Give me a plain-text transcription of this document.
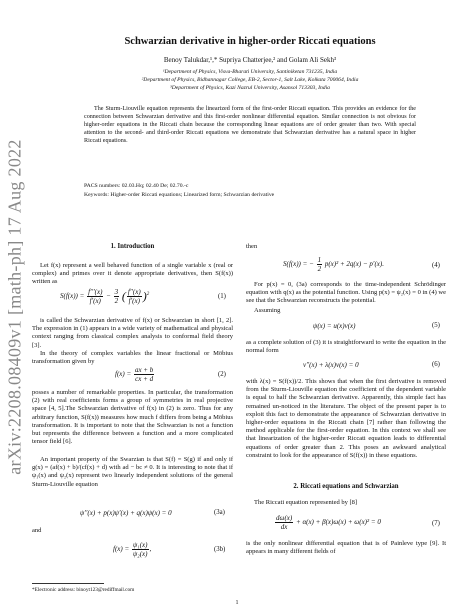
arXiv:2208.08409v1 [math-ph] 17 Aug 2022
Schwarzian derivative in higher-order Riccati equations
Benoy Talukdar,¹,* Supriya Chatterjee,² and Golam Ali Sekh³
¹Department of Physics, Visva-Bharati University, Santiniketan 731235, India
²Department of Physics, Bidhannagar College, EB-2, Sector-1, Salt Lake, Kolkata 700064, India
³Department of Physics, Kazi Nazrul University, Asansol 713303, India
The Sturm-Liouville equation represents the linearized form of the first-order Riccati equation. This provides an evidence for the connection between Schwarzian derivative and this first-order nonlinear differential equation. Similar connection is not obvious for higher-order equations in the Riccati chain because the corresponding linear equations are of order greater than two. With special attention to the second- and third-order Riccati equations we demonstrate that Schwarzian derivative has a natural space in higher Riccati equations.
PACS numbers: 02.03.Hq; 02.40 De; 02.70.-c
Keywords: Higher-order Riccati equations; Linearized form; Schwarzian derivative
1. Introduction
Let f(x) represent a well behaved function of a single variable x (real or complex) and primes over it denote appropriate derivatives, then S(f(x)) written as
$S(f(x)) = \frac{f'''(x)}{f'(x)} - \frac{3}{2}$ ( $\frac{f''(x)}{f'(x)} )^2$	(1)
is called the Schwarzian derivative of f(x) or Schwarzian in short [1, 2]. The expression in (1) appears in a wide variety of mathematical and physical context ranging from classical complex analysis to conformal field theory [3].
In the theory of complex variables the linear fractional or Möbius transformation given by
$f(x) = \frac{ax + b}{cx + d}$	(2)
posses a number of remarkable properties. In particular, the transformation (2) with real coefficients forms a group of symmetries in real projective space [4, 5].The Schwarzian derivative of f(x) in (2) is zero. Thus for any arbitrary function, S(f(x)) measures how much f differs from being a Möbius transformation. It is important to note that the Schwarzian is not a function but represents the difference between a function and a more complicated tensor field [6].
An important property of the Swarzian is that S(f) = S(g) if and only if g(x) = (af(x) + b)/(cf(x) + d) with ad − bc ≠ 0. It is interesting to note that if ψ₁(x) and ψ₂(x) represent two linearly independent solutions of the general Sturm-Liouville equation
ψ′′(x) + p(x)ψ′(x) + q(x)ψ(x) = 0	(3a)
and
$f(x) = \frac{\text{ψ₁(x)}}{\text{ψ₂(x)}}$ ,	(3b)
*Electronic address: binoyt123@rediffmail.com
then
S(f(x)) = − $\frac{1}{2} p(x)^2 + 2q(x) - p'(x)$.	(4)
For p(x) = 0, (3a) corresponds to the time-independent Schrödinger equation with q(x) as the potential function. Using p(x) = ψ₂(x) = 0 in (4) we see that the Schwarzian reconstructs the potential.
Assuming
ψ(x) = u(x)v(x)	(5)
as a complete solution of (3) it is straightforward to write the equation in the normal form
v′′(x) + λ(x)v(x) = 0	(6)
with λ(x) = S(f(x))/2. This shows that when the first derivative is removed from the Sturm-Liouville equation the coefficient of the dependent variable is equal to half the Schwarzian derivative. Apparently, this simple fact has remained un-noticed in the literature. The object of the present paper is to exploit this fact to demonstrate the appearance of Schwarzian derivative in higher-order equations in the Riccati chain [7] rather than following the method applicable for the first-order equation. In this context we shall see that linearization of the higher-order Riccati equation leads to differential equations of order greater than 2. This poses an awkward analytical constraint to look for the appearance of S(f(x)) in these equations.
2. Riccati equations and Schwarzian
The Riccati equation represented by [8]
$\frac{d\omega(x)}{dx} + \alpha(x) + \beta(x)\omega(x) + \omega(x)^2 = 0$	(7)
is the only nonlinear differential equation that is of Painleve type [9]. It appears in many different fields of
1
